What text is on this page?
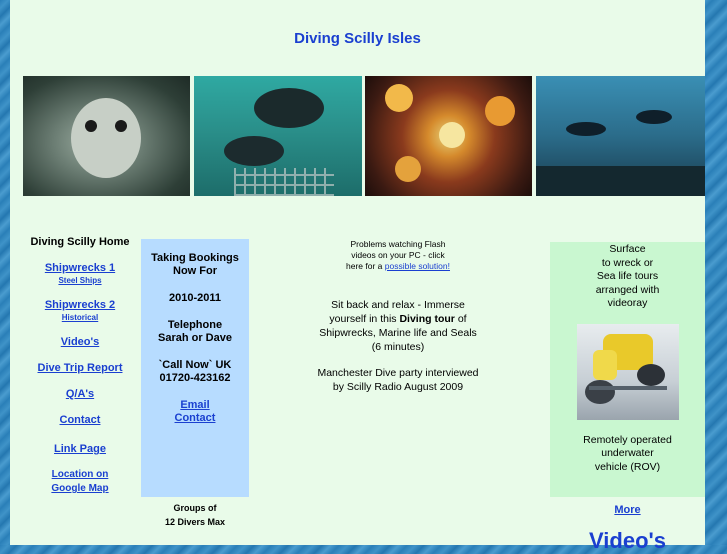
Diving Scilly Isles
Diving Scilly Home
Shipwrecks 1
Steel Ships
Shipwrecks 2
Historical
Video's
Dive Trip Report
Q/A's
Contact
Link Page
Location on
Google Map
Taking Bookings
Now For
2010-2011
Telephone
Sarah or Dave
`Call Now` UK
01720-423162
Email
Contact
Groups of
12 Divers Max
Problems watching Flash
videos on your PC - click
here for a possible solution!
Sit back and relax - Immerse
yourself in this Diving tour of
Shipwrecks, Marine life and Seals
(6 minutes)
Manchester Dive party interviewed
by Scilly Radio August 2009
Surface
to wreck or
Sea life tours
arranged with
videoray
Remotely operated
underwater
vehicle (ROV)
More
Video's
